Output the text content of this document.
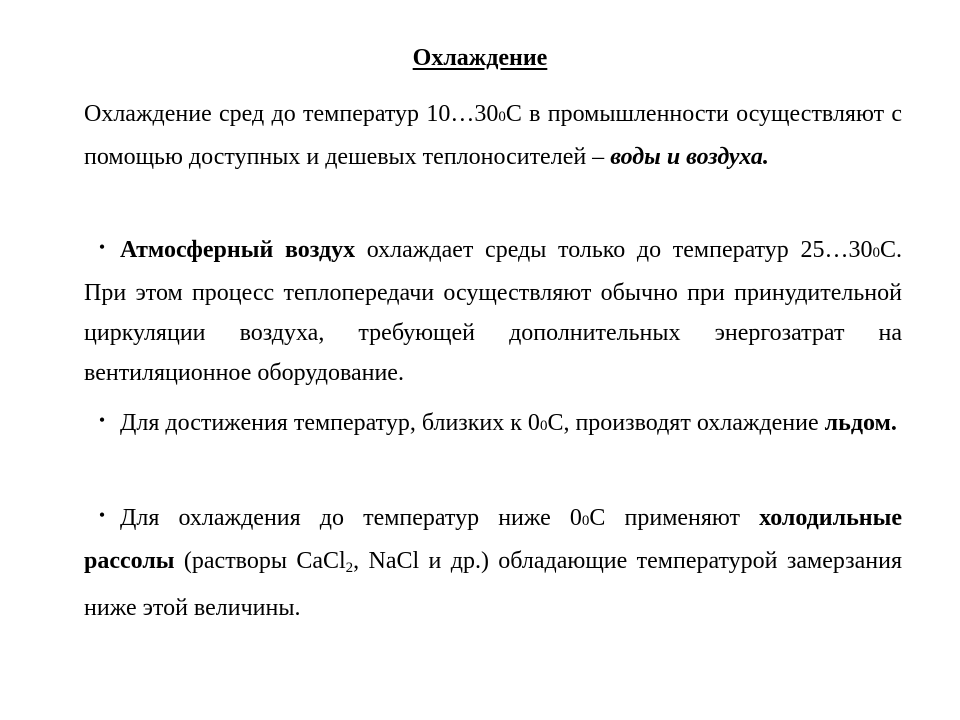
Охлаждение
Охлаждение сред до температур 10…300С в промышленности осуществляют с помощью доступных и дешевых теплоносителей – воды и воздуха.
• Атмосферный воздух охлаждает среды только до температур 25…300С. При этом процесс теплопередачи осуществляют обычно при принудительной циркуляции воздуха, требующей дополнительных энергозатрат на вентиляционное оборудование.
• Для достижения температур, близких к 00С, производят охлаждение льдом.
• Для охлаждения до температур ниже 00С применяют холодильные рассолы (растворы CaCl$_2$, NaCl и др.) обладающие температурой замерзания ниже этой величины.
